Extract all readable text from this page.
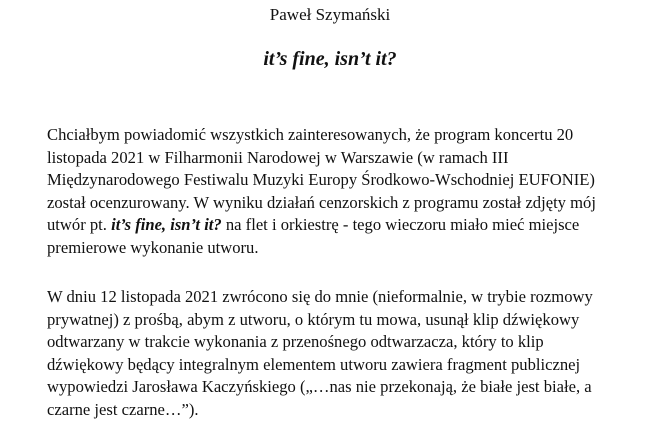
Paweł Szymański
it’s fine, isn’t it?

Chciałbym powiadomić wszystkich zainteresowanych, że program koncertu 20
listopada 2021 w Filharmonii Narodowej w Warszawie (w ramach III
Międzynarodowego Festiwalu Muzyki Europy Środkowo-Wschodniej EUFONIE)
został ocenzurowany. W wyniku działań cenzorskich z programu został zdjęty mój
utwór pt. it’s fine, isn’t it? na flet i orkiestrę - tego wieczoru miało mieć miejsce
premierowe wykonanie utworu.

W dniu 12 listopada 2021 zwrócono się do mnie (nieformalnie, w trybie rozmowy
prywatnej) z prośbą, abym z utworu, o którym tu mowa, usunął klip dźwiękowy
odtwarzany w trakcie wykonania z przenośnego odtwarzacza, który to klip
dźwiękowy będący integralnym elementem utworu zawiera fragment publicznej
wypowiedzi Jarosława Kaczyńskiego („…nas nie przekonają, że białe jest białe, a
czarne jest czarne…”).
